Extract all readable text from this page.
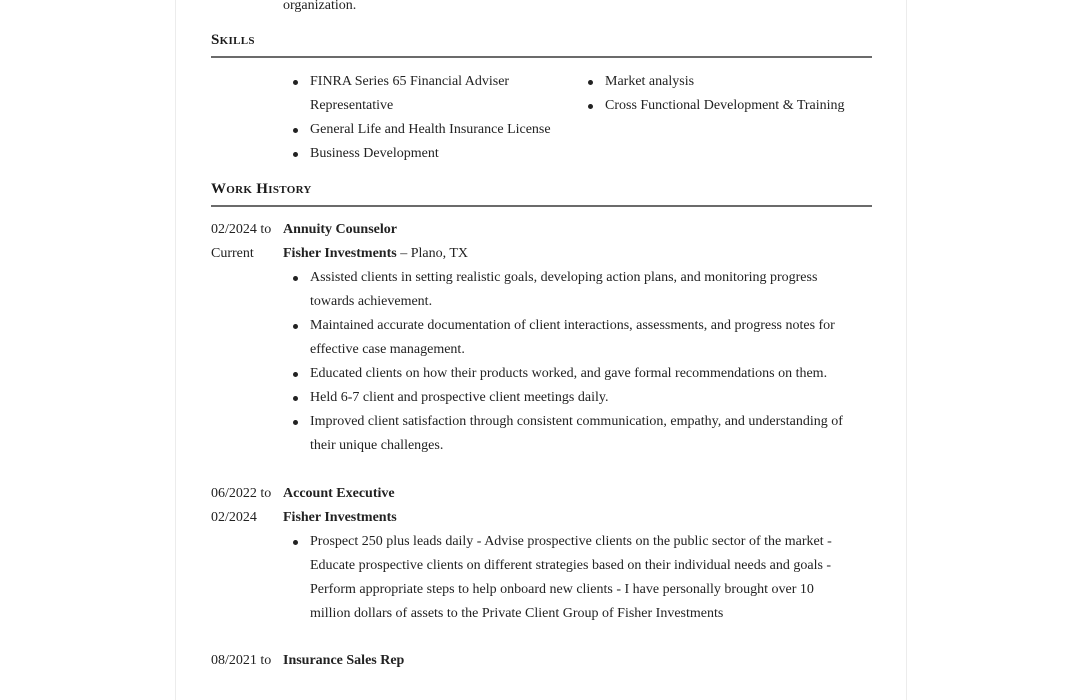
organization.
Skills
FINRA Series 65 Financial Adviser Representative
General Life and Health Insurance License
Business Development
Market analysis
Cross Functional Development & Training
Work History
02/2024 to
Current
Annuity Counselor
Fisher Investments – Plano, TX
Assisted clients in setting realistic goals, developing action plans, and monitoring progress towards achievement.
Maintained accurate documentation of client interactions, assessments, and progress notes for effective case management.
Educated clients on how their products worked, and gave formal recommendations on them.
Held 6-7 client and prospective client meetings daily.
Improved client satisfaction through consistent communication, empathy, and understanding of their unique challenges.
06/2022 to
02/2024
Account Executive
Fisher Investments
Prospect 250 plus leads daily - Advise prospective clients on the public sector of the market - Educate prospective clients on different strategies based on their individual needs and goals - Perform appropriate steps to help onboard new clients - I have personally brought over 10 million dollars of assets to the Private Client Group of Fisher Investments
08/2021 to Insurance Sales Rep
